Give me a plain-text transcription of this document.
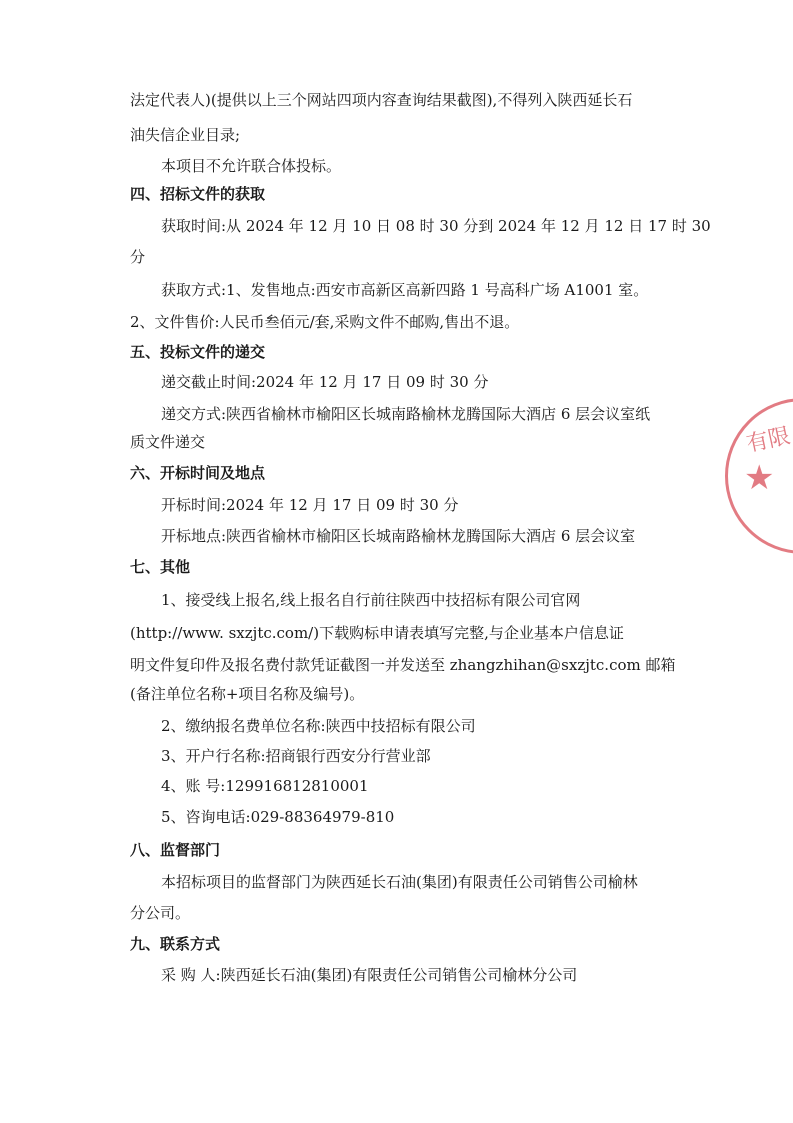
法定代表人)(提供以上三个网站四项内容查询结果截图),不得列入陕西延长石
油失信企业目录;
本项目不允许联合体投标。
四、招标文件的获取
获取时间:从 2024 年 12 月 10 日 08 时 30 分到 2024 年 12 月 12 日 17 时 30
分
获取方式:1、发售地点:西安市高新区高新四路 1 号高科广场 A1001 室。
2、文件售价:人民币叁佰元/套,采购文件不邮购,售出不退。
五、投标文件的递交
递交截止时间:2024 年 12 月 17 日 09 时 30 分
递交方式:陕西省榆林市榆阳区长城南路榆林龙腾国际大酒店 6 层会议室纸
质文件递交
六、开标时间及地点
开标时间:2024 年 12 月 17 日 09 时 30 分
开标地点:陕西省榆林市榆阳区长城南路榆林龙腾国际大酒店 6 层会议室
七、其他
1、接受线上报名,线上报名自行前往陕西中技招标有限公司官网
(http://www. sxzjtc.com/)下载购标申请表填写完整,与企业基本户信息证
明文件复印件及报名费付款凭证截图一并发送至 zhangzhihan@sxzjtc.com 邮箱
(备注单位名称+项目名称及编号)。
2、缴纳报名费单位名称:陕西中技招标有限公司
3、开户行名称:招商银行西安分行营业部
4、账 号:129916812810001
5、咨询电话:029-88364979-810
八、监督部门
本招标项目的监督部门为陕西延长石油(集团)有限责任公司销售公司榆林
分公司。
九、联系方式
采 购 人:陕西延长石油(集团)有限责任公司销售公司榆林分公司
有限
★
